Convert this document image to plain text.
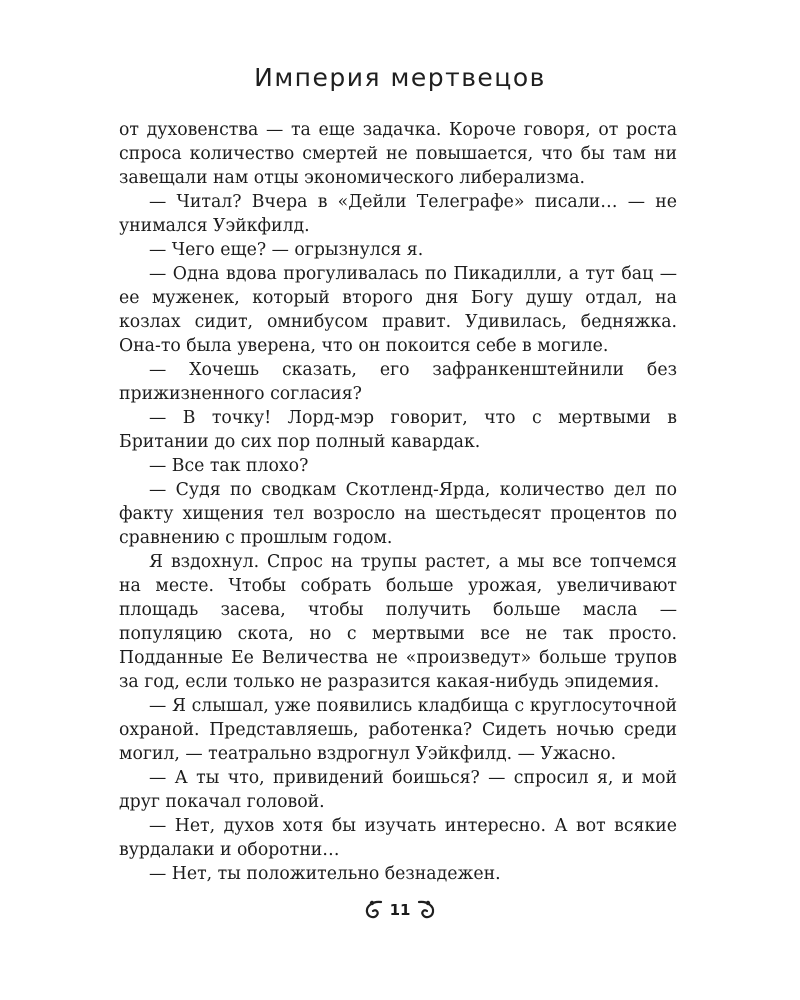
Империя мертвецов

от духовенства — та еще задачка. Короче говоря, от роста спроса количество смертей не повышается, что бы там ни завещали нам отцы экономического либерализма.

— Читал? Вчера в «Дейли Телеграфе» писали… — не унимался Уэйкфилд.

— Чего еще? — огрызнулся я.

— Одна вдова прогуливалась по Пикадилли, а тут бац — ее муженек, который второго дня Богу душу отдал, на козлах сидит, омнибусом правит. Удивилась, бедняжка. Она-то была уверена, что он покоится себе в могиле.

— Хочешь сказать, его зафранкенштейнили без прижизненного согласия?

— В точку! Лорд-мэр говорит, что с мертвыми в Британии до сих пор полный кавардак.

— Все так плохо?

— Судя по сводкам Скотленд-Ярда, количество дел по факту хищения тел возросло на шестьдесят процентов по сравнению с прошлым годом.

Я вздохнул. Спрос на трупы растет, а мы все топчемся на месте. Чтобы собрать больше урожая, увеличивают площадь засева, чтобы получить больше масла — популяцию скота, но с мертвыми все не так просто. Подданные Ее Величества не «произведут» больше трупов за год, если только не разразится какая-нибудь эпидемия.

— Я слышал, уже появились кладбища с круглосуточной охраной. Представляешь, работенка? Сидеть ночью среди могил, — театрально вздрогнул Уэйкфилд. — Ужасно.

— А ты что, привидений боишься? — спросил я, и мой друг покачал головой.

— Нет, духов хотя бы изучать интересно. А вот всякие вурдалаки и оборотни…

— Нет, ты положительно безнадежен.

11
